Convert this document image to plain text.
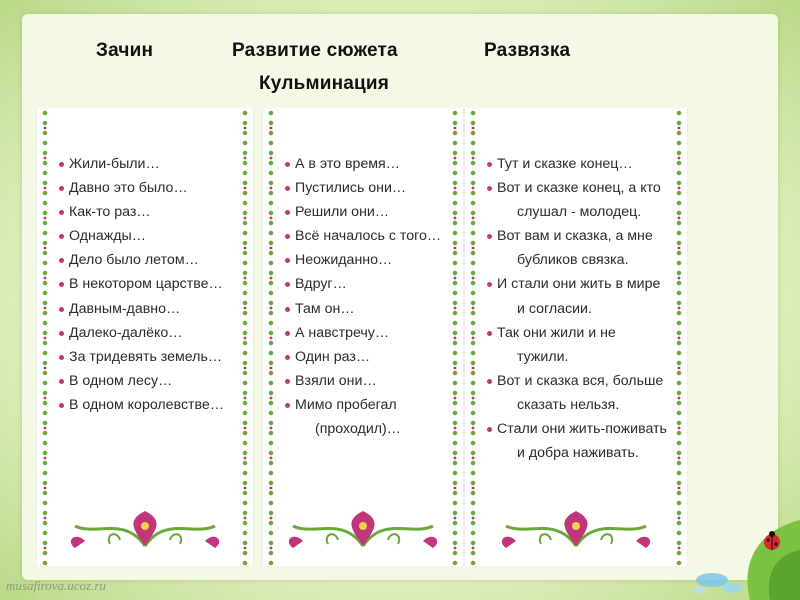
Зачин	Развитие сюжета
Кульминация
Развязка
Жили-были…
Давно это было…
Как-то раз…
Однажды…
Дело было летом…
В некотором царстве…
Давным-давно…
Далеко-далёко…
За тридевять земель…
В одном лесу…
В одном королевстве…
А в это время…
Пустились они…
Решили они…
Всё началось с того…
Неожиданно…
Вдруг…
Там он…
А навстречу…
Один раз…
Взяли они…
Мимо пробегал
(проходил)…
Тут и сказке конец…
Вот и сказке конец, а кто
слушал - молодец.
Вот вам и сказка, а мне
бубликов связка.
И стали они жить в мире
и согласии.
Так они жили и не
тужили.
Вот и сказка вся, больше
сказать нельзя.
Стали они жить-поживать
и добра наживать.
musafirova.ucoz.ru
